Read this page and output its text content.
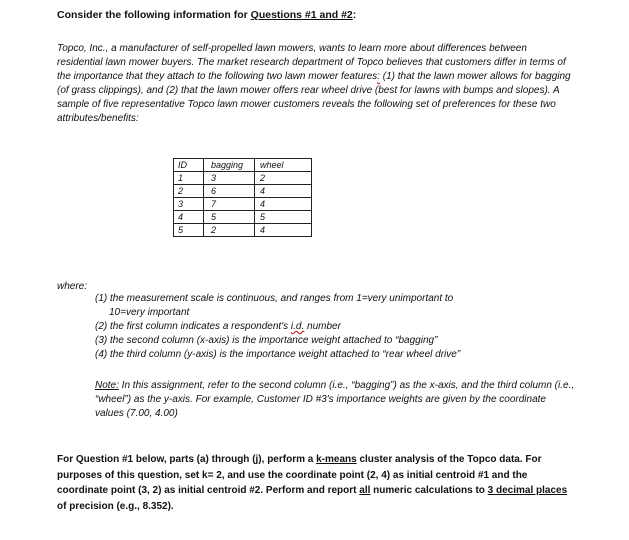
Consider the following information for Questions #1 and #2:

Topco, Inc., a manufacturer of self-propelled lawn mowers, wants to learn more about differences between residential lawn mower buyers. The market research department of Topco believes that customers differ in terms of the importance that they attach to the following two lawn mower features: (1) that the lawn mower allows for bagging (of grass clippings), and (2) that the lawn mower offers rear wheel drive (best for lawns with bumps and slopes). A sample of five representative Topco lawn mower customers reveals the following set of preferences for these two attributes/benefits:

ID	bagging	wheel
1	3	2
2	6	4
3	7	4
4	5	5
5	2	4
where:
(1) the measurement scale is continuous, and ranges from 1=very unimportant to
10=very important
(2) the first column indicates a respondent's i.d. number
(3) the second column (x-axis) is the importance weight attached to “bagging”
(4) the third column (y-axis) is the importance weight attached to “rear wheel drive”
Note: In this assignment, refer to the second column (i.e., “bagging”) as the x-axis, and the third column (i.e., “wheel”) as the y-axis. For example, Customer ID #3's importance weights are given by the coordinate values (7.00, 4.00)
For Question #1 below, parts (a) through (j), perform a k-means cluster analysis of the Topco data. For purposes of this question, set k= 2, and use the coordinate point (2, 4) as initial centroid #1 and the coordinate point (3, 2) as initial centroid #2. Perform and report all numeric calculations to 3 decimal places of precision (e.g., 8.352).
